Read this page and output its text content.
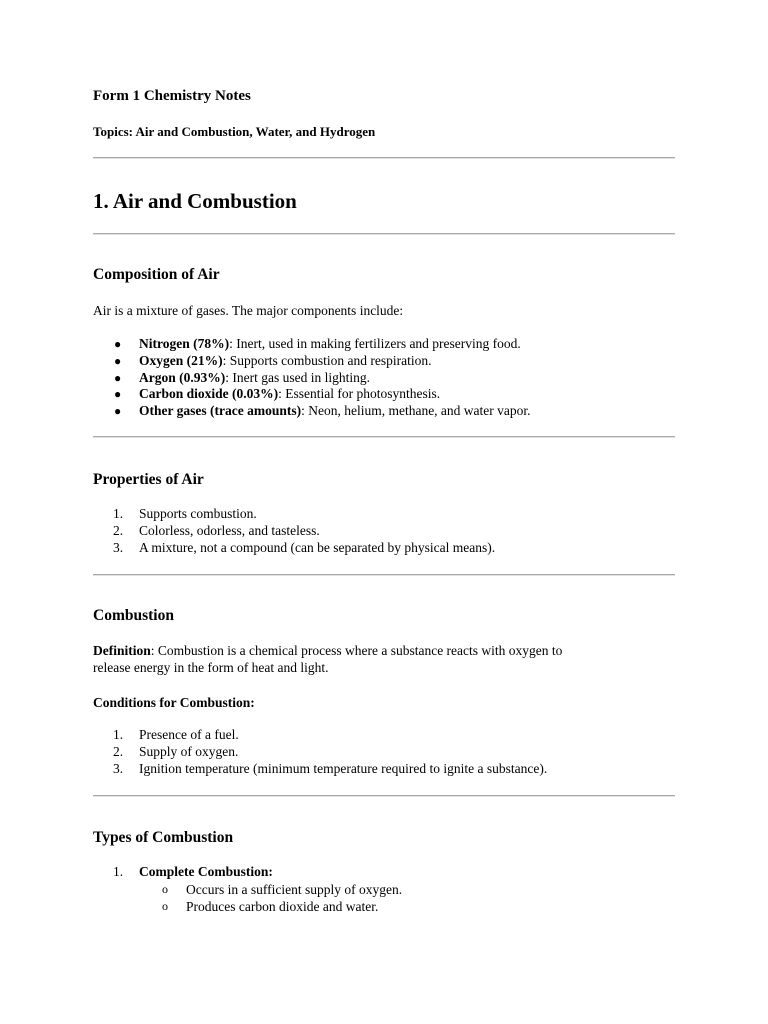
Form 1 Chemistry Notes
Topics: Air and Combustion, Water, and Hydrogen
1. Air and Combustion
Composition of Air
Air is a mixture of gases. The major components include:
● Nitrogen (78%): Inert, used in making fertilizers and preserving food.
● Oxygen (21%): Supports combustion and respiration.
● Argon (0.93%): Inert gas used in lighting.
● Carbon dioxide (0.03%): Essential for photosynthesis.
● Other gases (trace amounts): Neon, helium, methane, and water vapor.
Properties of Air
1.	Supports combustion.
2.	Colorless, odorless, and tasteless.
3.	A mixture, not a compound (can be separated by physical means).
Combustion
Definition: Combustion is a chemical process where a substance reacts with oxygen to
release energy in the form of heat and light.
Conditions for Combustion:
1.	Presence of a fuel.
2.	Supply of oxygen.
3.	Ignition temperature (minimum temperature required to ignite a substance).
Types of Combustion
1.	Complete Combustion:
o Occurs in a sufficient supply of oxygen.
o Produces carbon dioxide and water.
